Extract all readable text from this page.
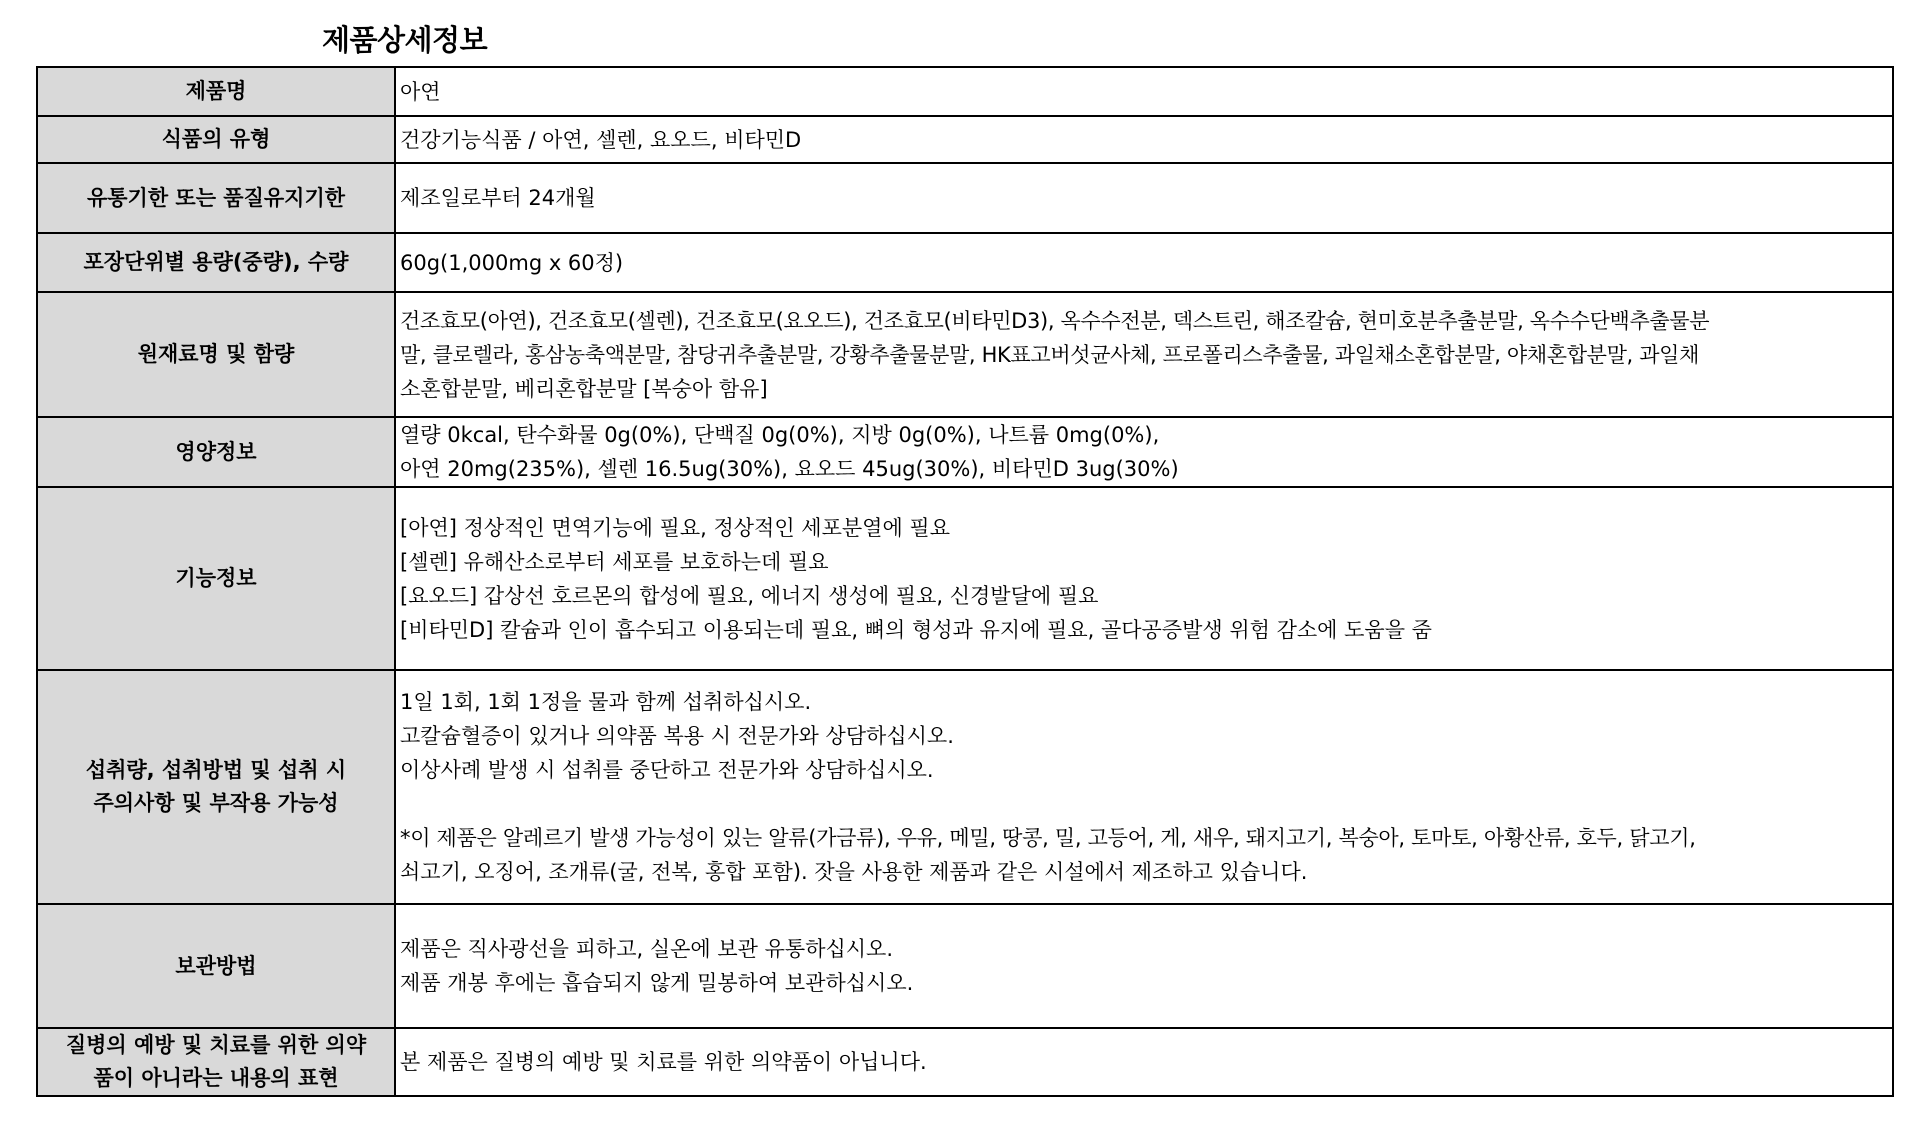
제품상세정보
제품명	아연

식품의 유형	건강기능식품 / 아연, 셀렌, 요오드, 비타민D

유통기한 또는 품질유지기한	제조일로부터 24개월

포장단위별 용량(중량), 수량	60g(1,000mg x 60정)

원재료명 및 함량	건조효모(아연), 건조효모(셀렌), 건조효모(요오드), 건조효모(비타민D3), 옥수수전분, 덱스트린, 해조칼슘, 현미호분추출분말, 옥수수단백추출물분
말, 클로렐라, 홍삼농축액분말, 참당귀추출분말, 강황추출물분말, HK표고버섯균사체, 프로폴리스추출물, 과일채소혼합분말, 야채혼합분말, 과일채
소혼합분말, 베리혼합분말 [복숭아 함유]

영양정보	열량 0kcal, 탄수화물 0g(0%), 단백질 0g(0%), 지방 0g(0%), 나트륨 0mg(0%),
아연 20mg(235%), 셀렌 16.5ug(30%), 요오드 45ug(30%), 비타민D 3ug(30%)

기능정보	[아연] 정상적인 면역기능에 필요, 정상적인 세포분열에 필요
[셀렌] 유해산소로부터 세포를 보호하는데 필요
[요오드] 갑상선 호르몬의 합성에 필요, 에너지 생성에 필요, 신경발달에 필요
[비타민D] 칼슘과 인이 흡수되고 이용되는데 필요, 뼈의 형성과 유지에 필요, 골다공증발생 위험 감소에 도움을 줌

섭취량, 섭취방법 및 섭취 시
주의사항 및 부작용 가능성	1일 1회, 1회 1정을 물과 함께 섭취하십시오.
고칼슘혈증이 있거나 의약품 복용 시 전문가와 상담하십시오.
이상사례 발생 시 섭취를 중단하고 전문가와 상담하십시오.
*이 제품은 알레르기 발생 가능성이 있는 알류(가금류), 우유, 메밀, 땅콩, 밀, 고등어, 게, 새우, 돼지고기, 복숭아, 토마토, 아황산류, 호두, 닭고기,
쇠고기, 오징어, 조개류(굴, 전복, 홍합 포함). 잣을 사용한 제품과 같은 시설에서 제조하고 있습니다.

보관방법	제품은 직사광선을 피하고, 실온에 보관 유통하십시오.
제품 개봉 후에는 흡습되지 않게 밀봉하여 보관하십시오.

질병의 예방 및 치료를 위한 의약
품이 아니라는 내용의 표현	본 제품은 질병의 예방 및 치료를 위한 의약품이 아닙니다.
